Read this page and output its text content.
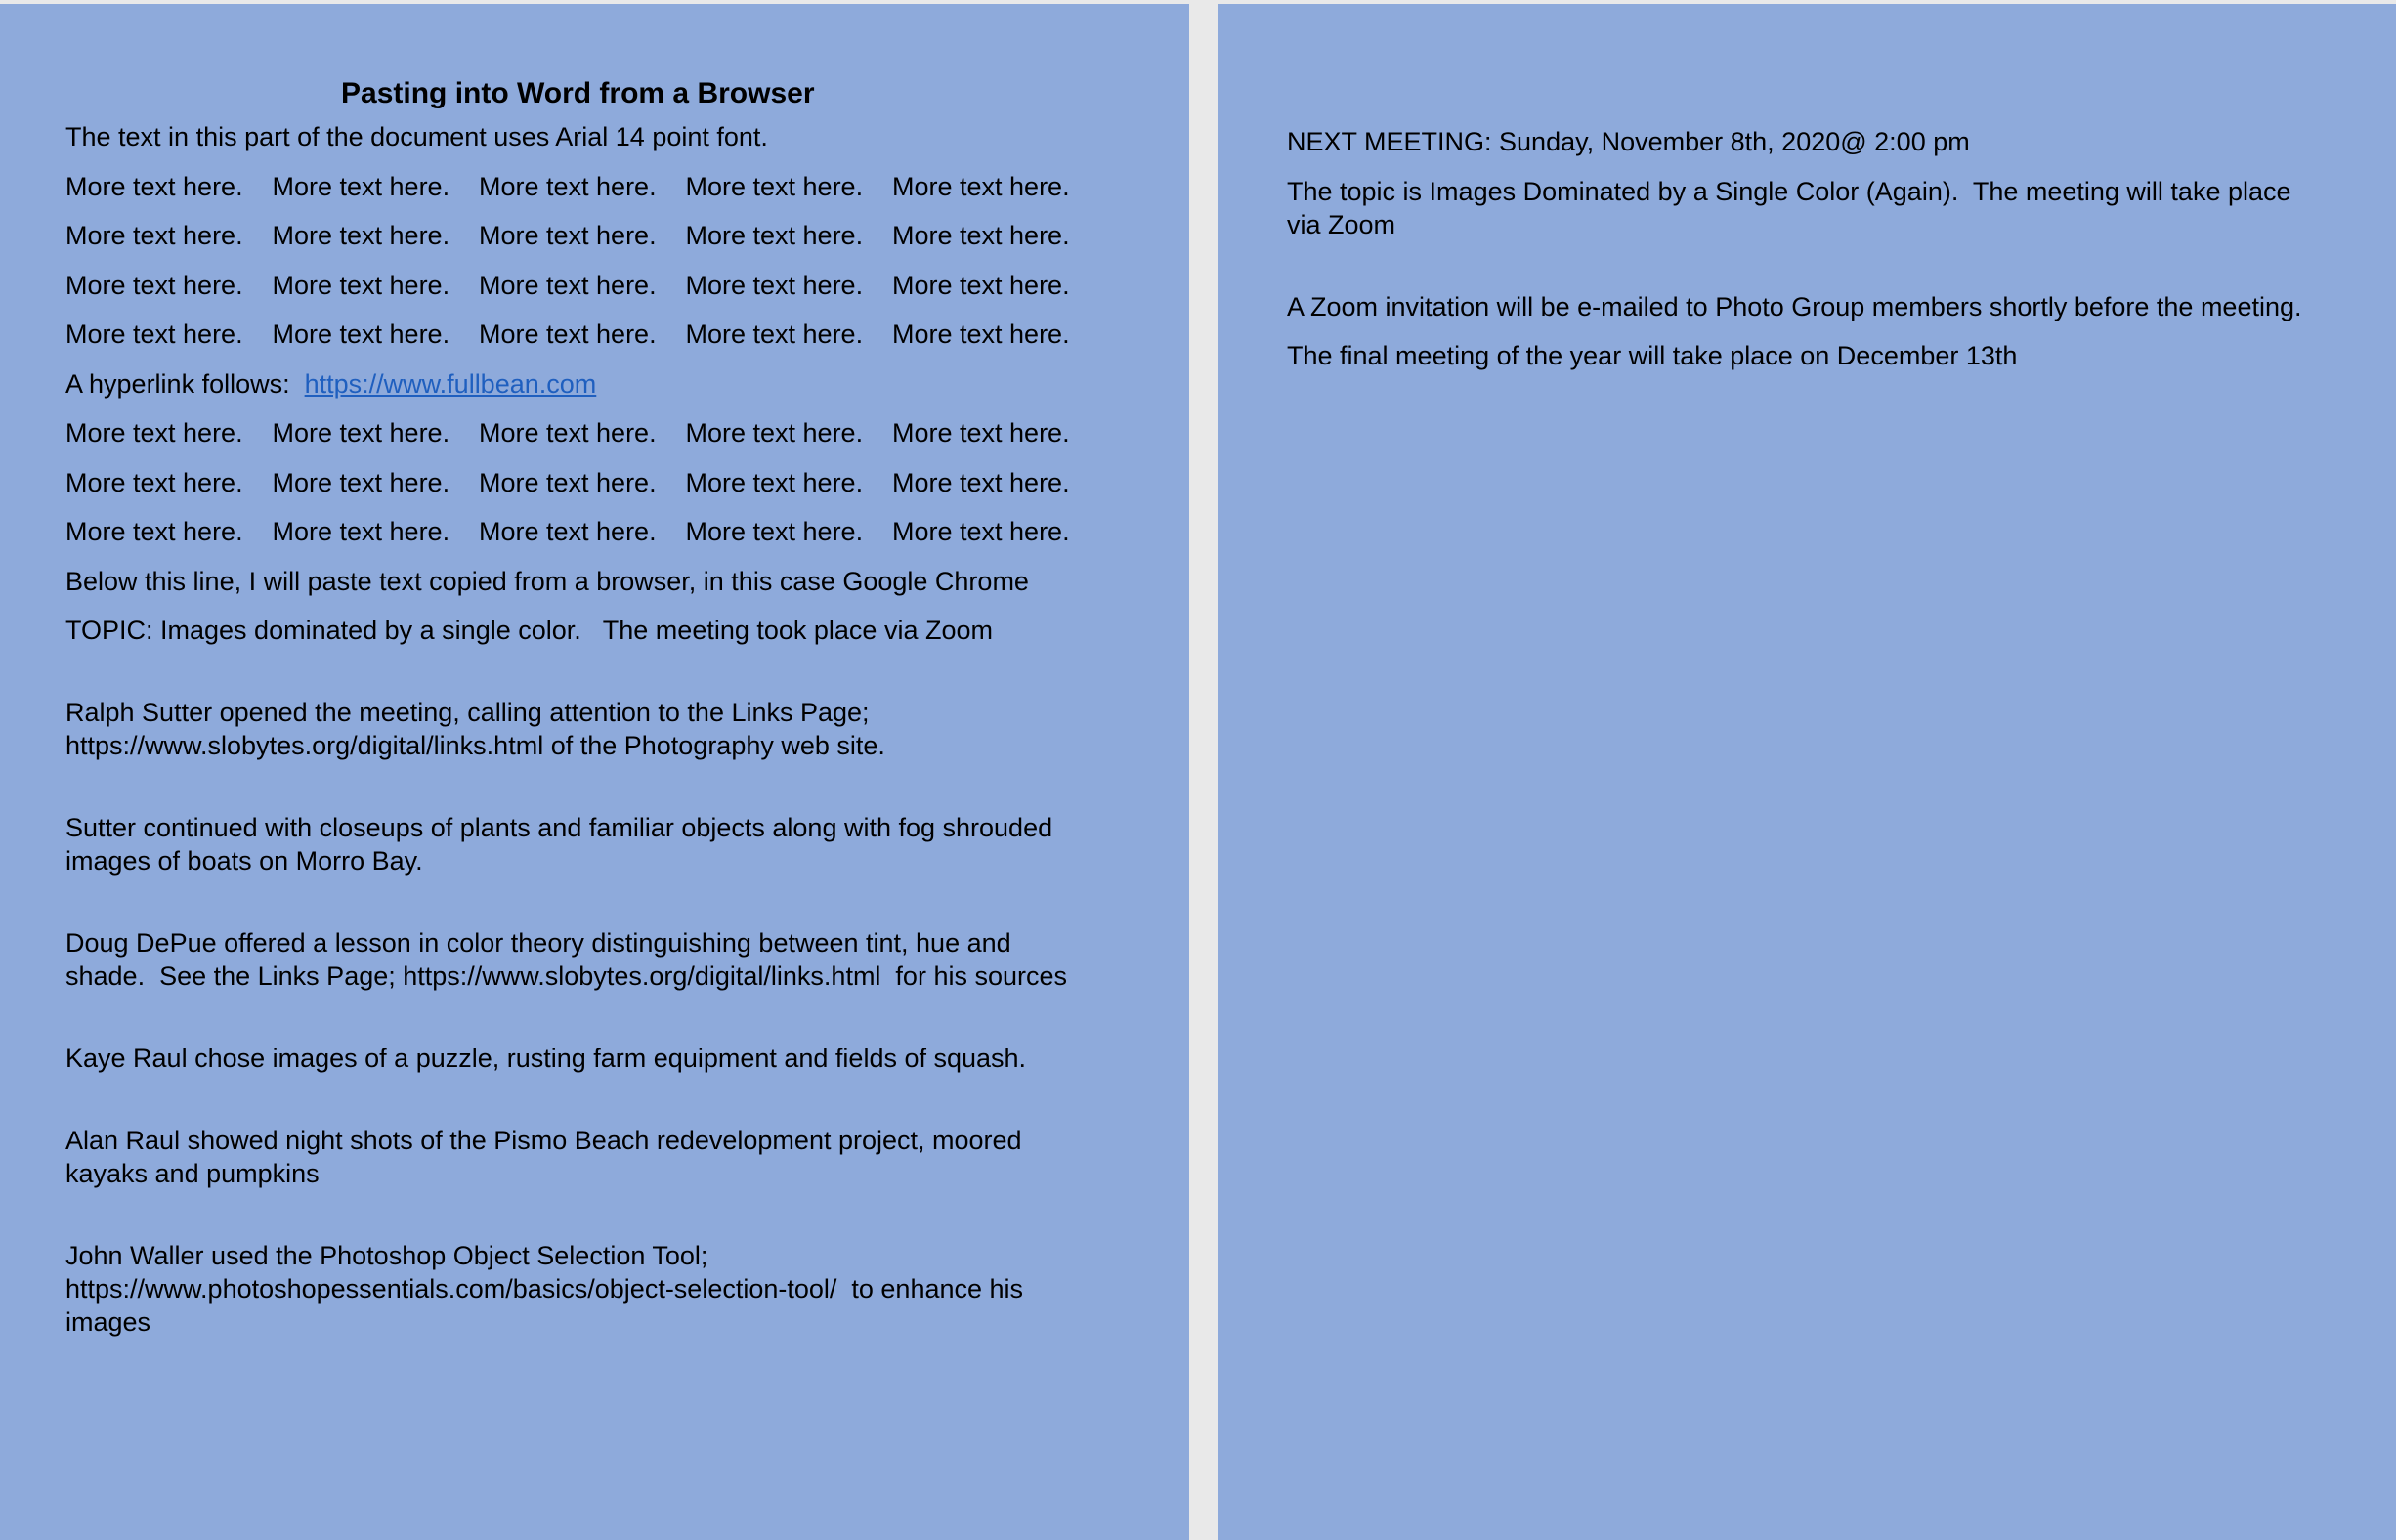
Pasting into Word from a Browser

The text in this part of the document uses Arial 14 point font.

More text here. More text here. More text here. More text here. More text here.

More text here. More text here. More text here. More text here. More text here.

More text here. More text here. More text here. More text here. More text here.

More text here. More text here. More text here. More text here. More text here.

A hyperlink follows: https://www.fullbean.com

More text here. More text here. More text here. More text here. More text here.

More text here. More text here. More text here. More text here. More text here.

More text here. More text here. More text here. More text here. More text here.

Below this line, I will paste text copied from a browser, in this case Google Chrome

TOPIC: Images dominated by a single color.   The meeting took place via Zoom

Ralph Sutter opened the meeting, calling attention to the Links Page;
https://www.slobytes.org/digital/links.html of the Photography web site.

Sutter continued with closeups of plants and familiar objects along with fog shrouded
images of boats on Morro Bay.

Doug DePue offered a lesson in color theory distinguishing between tint, hue and
shade.  See the Links Page; https://www.slobytes.org/digital/links.html  for his sources

Kaye Raul chose images of a puzzle, rusting farm equipment and fields of squash.

Alan Raul showed night shots of the Pismo Beach redevelopment project, moored
kayaks and pumpkins

John Waller used the Photoshop Object Selection Tool;
https://www.photoshopessentials.com/basics/object-selection-tool/  to enhance his
images

NEXT MEETING: Sunday, November 8th, 2020@ 2:00 pm

The topic is Images Dominated by a Single Color (Again).  The meeting will take place
via Zoom

A Zoom invitation will be e-mailed to Photo Group members shortly before the meeting.

The final meeting of the year will take place on December 13th
